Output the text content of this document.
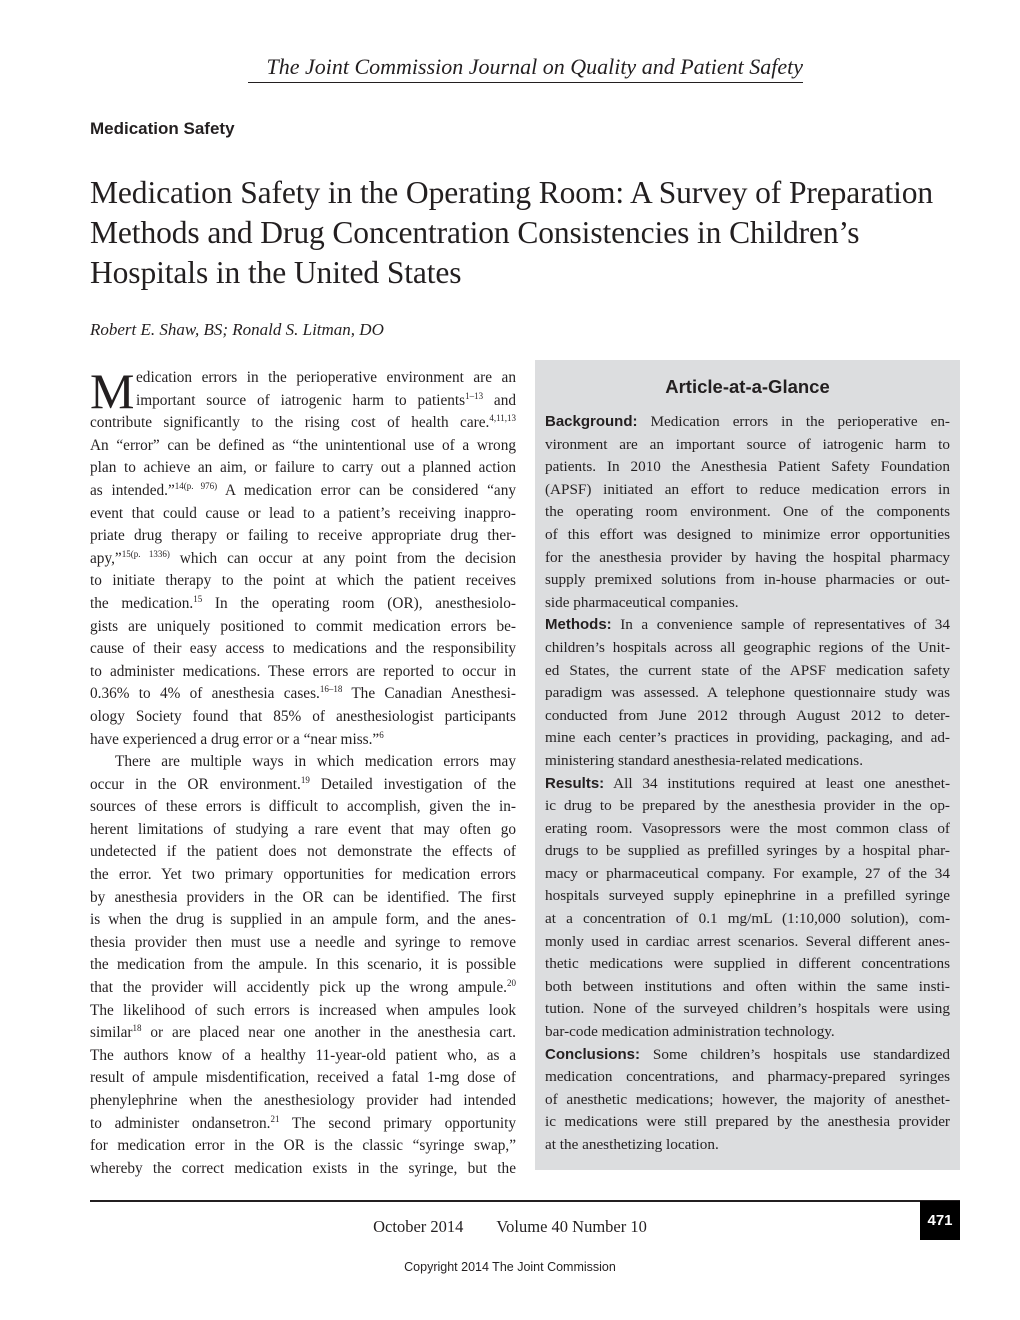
The Joint Commission Journal on Quality and Patient Safety
Medication Safety
Medication Safety in the Operating Room: A Survey of Preparation
Methods and Drug Concentration Consistencies in Children’s
Hospitals in the United States
Robert E. Shaw, BS; Ronald S. Litman, DO
M edication errors in the perioperative environment are an
important source of iatrogenic harm to patients$^{1-13}$ and
contribute significantly to the rising cost of health care.$^{4,11,13}$
An “error” can be defined as “the unintentional use of a wrong
plan to achieve an aim, or failure to carry out a planned action
as intended.”$^{14(p. 976)}$ A medication error can be considered “any
event that could cause or lead to a patient’s receiving inappro-
priate drug therapy or failing to receive appropriate drug ther-
apy,”$^{15(p. 1336)}$ which can occur at any point from the decision
to initiate therapy to the point at which the patient receives
the medication.$^{15}$ In the operating room (OR), anesthesiolo-
gists are uniquely positioned to commit medication errors be-
cause of their easy access to medications and the responsibility
to administer medications. These errors are reported to occur in
0.36% to 4% of anesthesia cases.$^{16-18}$ The Canadian Anesthesi-
ology Society found that 85% of anesthesiologist participants
have experienced a drug error or a “near miss.”$^6$
There are multiple ways in which medication errors may
occur in the OR environment.$^{19}$ Detailed investigation of the
sources of these errors is difficult to accomplish, given the in-
herent limitations of studying a rare event that may often go
undetected if the patient does not demonstrate the effects of
the error. Yet two primary opportunities for medication errors
by anesthesia providers in the OR can be identified. The first
is when the drug is supplied in an ampule form, and the anes-
thesia provider then must use a needle and syringe to remove
the medication from the ampule. In this scenario, it is possible
that the provider will accidently pick up the wrong ampule.$^{20}$
The likelihood of such errors is increased when ampules look
similar$^{18}$ or are placed near one another in the anesthesia cart.
The authors know of a healthy 11-year-old patient who, as a
result of ampule misdentification, received a fatal 1-mg dose of
phenylephrine when the anesthesiology provider had intended
to administer ondansetron.$^{21}$ The second primary opportunity
for medication error in the OR is the classic “syringe swap,”
whereby the correct medication exists in the syringe, but the
Article-at-a-Glance
Background: Medication errors in the perioperative en-
vironment are an important source of iatrogenic harm to
patients. In 2010 the Anesthesia Patient Safety Foundation
(APSF) initiated an effort to reduce medication errors in
the operating room environment. One of the components
of this effort was designed to minimize error opportunities
for the anesthesia provider by having the hospital pharmacy
supply premixed solutions from in-house pharmacies or out-
side pharmaceutical companies.
Methods: In a convenience sample of representatives of 34
children’s hospitals across all geographic regions of the Unit-
ed States, the current state of the APSF medication safety
paradigm was assessed. A telephone questionnaire study was
conducted from June 2012 through August 2012 to deter-
mine each center’s practices in providing, packaging, and ad-
ministering standard anesthesia-related medications.
Results: All 34 institutions required at least one anesthet-
ic drug to be prepared by the anesthesia provider in the op-
erating room. Vasopressors were the most common class of
drugs to be supplied as prefilled syringes by a hospital phar-
macy or pharmaceutical company. For example, 27 of the 34
hospitals surveyed supply epinephrine in a prefilled syringe
at a concentration of 0.1 mg/mL (1:10,000 solution), com-
monly used in cardiac arrest scenarios. Several different anes-
thetic medications were supplied in different concentrations
both between institutions and often within the same insti-
tution. None of the surveyed children’s hospitals were using
bar-code medication administration technology.
Conclusions: Some children’s hospitals use standardized
medication concentrations, and pharmacy-prepared syringes
of anesthetic medications; however, the majority of anesthet-
ic medications were still prepared by the anesthesia provider
at the anesthetizing location.
October 2014  Volume 40 Number 10	471
Copyright 2014 The Joint Commission
